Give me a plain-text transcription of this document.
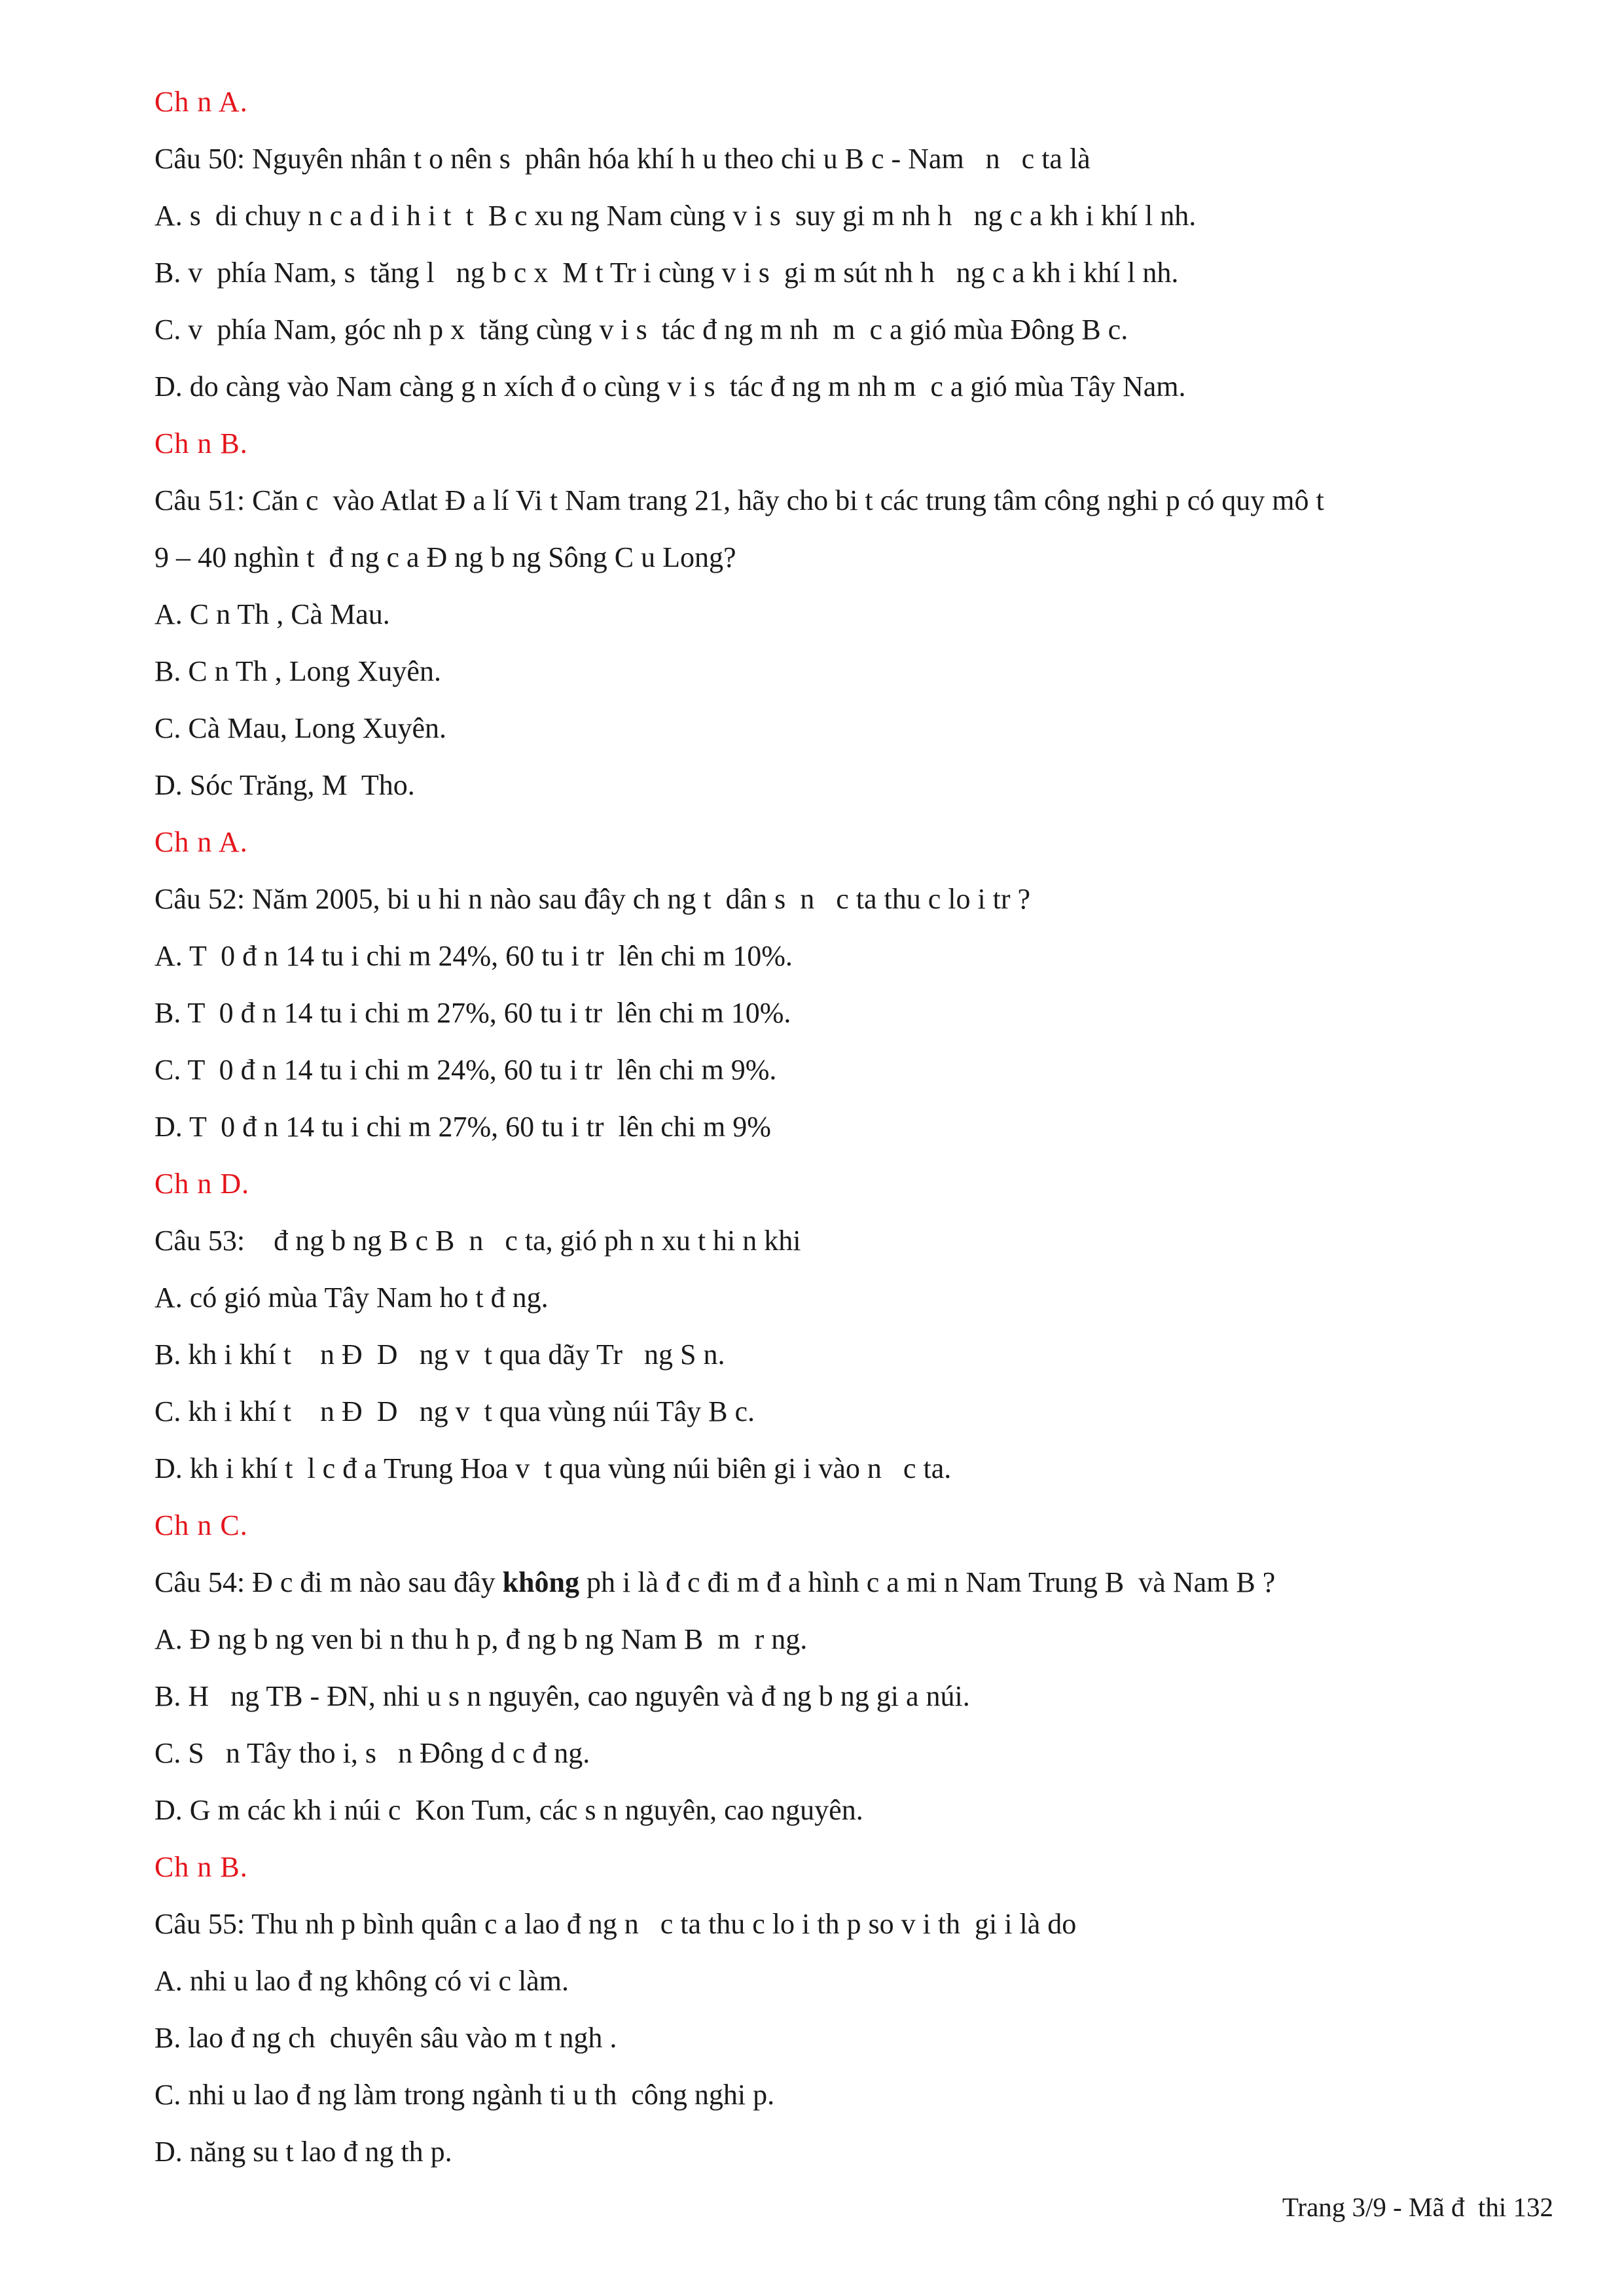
Ch n A.
Câu 50: Nguyên nhân t o nên s  phân hóa khí h u theo chi u B c - Nam   n   c ta là
A. s  di chuy n c a d i h i t  t  B c xu ng Nam cùng v i s  suy gi m nh h   ng c a kh i khí l nh.
B. v  phía Nam, s  tăng l   ng b c x  M t Tr i cùng v i s  gi m sút nh h   ng c a kh i khí l nh.
C. v  phía Nam, góc nh p x  tăng cùng v i s  tác đ ng m nh  m  c a gió mùa Đông B c.
D. do càng vào Nam càng g n xích đ o cùng v i s  tác đ ng m nh m  c a gió mùa Tây Nam.
Ch n B.
Câu 51: Căn c  vào Atlat Đ a lí Vi t Nam trang 21, hãy cho bi t các trung tâm công nghi p có quy mô t
9 – 40 nghìn t  đ ng c a Đ ng b ng Sông C u Long?
A. C n Th , Cà Mau.
B. C n Th , Long Xuyên.
C. Cà Mau, Long Xuyên.
D. Sóc Trăng, M  Tho.
Ch n A.
Câu 52: Năm 2005, bi u hi n nào sau đây ch ng t  dân s  n   c ta thu c lo i tr ?
A. T  0 đ n 14 tu i chi m 24%, 60 tu i tr  lên chi m 10%.
B. T  0 đ n 14 tu i chi m 27%, 60 tu i tr  lên chi m 10%.
C. T  0 đ n 14 tu i chi m 24%, 60 tu i tr  lên chi m 9%.
D. T  0 đ n 14 tu i chi m 27%, 60 tu i tr  lên chi m 9%
Ch n D.
Câu 53:    đ ng b ng B c B  n   c ta, gió ph n xu t hi n khi
A. có gió mùa Tây Nam ho t đ ng.
B. kh i khí t    n Đ  D   ng v  t qua dãy Tr   ng S n.
C. kh i khí t    n Đ  D   ng v  t qua vùng núi Tây B c.
D. kh i khí t  l c đ a Trung Hoa v  t qua vùng núi biên gi i vào n   c ta.
Ch n C.
Câu 54: Đ c đi m nào sau đây không ph i là đ c đi m đ a hình c a mi n Nam Trung B  và Nam B ?
A. Đ ng b ng ven bi n thu h p, đ ng b ng Nam B  m  r ng.
B. H   ng TB - ĐN, nhi u s n nguyên, cao nguyên và đ ng b ng gi a núi.
C. S   n Tây tho i, s   n Đông d c đ ng.
D. G m các kh i núi c  Kon Tum, các s n nguyên, cao nguyên.
Ch n B.
Câu 55: Thu nh p bình quân c a lao đ ng n   c ta thu c lo i th p so v i th  gi i là do
A. nhi u lao đ ng không có vi c làm.
B. lao đ ng ch  chuyên sâu vào m t ngh .
C. nhi u lao đ ng làm trong ngành ti u th  công nghi p.
D. năng su t lao đ ng th p.
Trang 3/9 - Mã đ  thi 132
